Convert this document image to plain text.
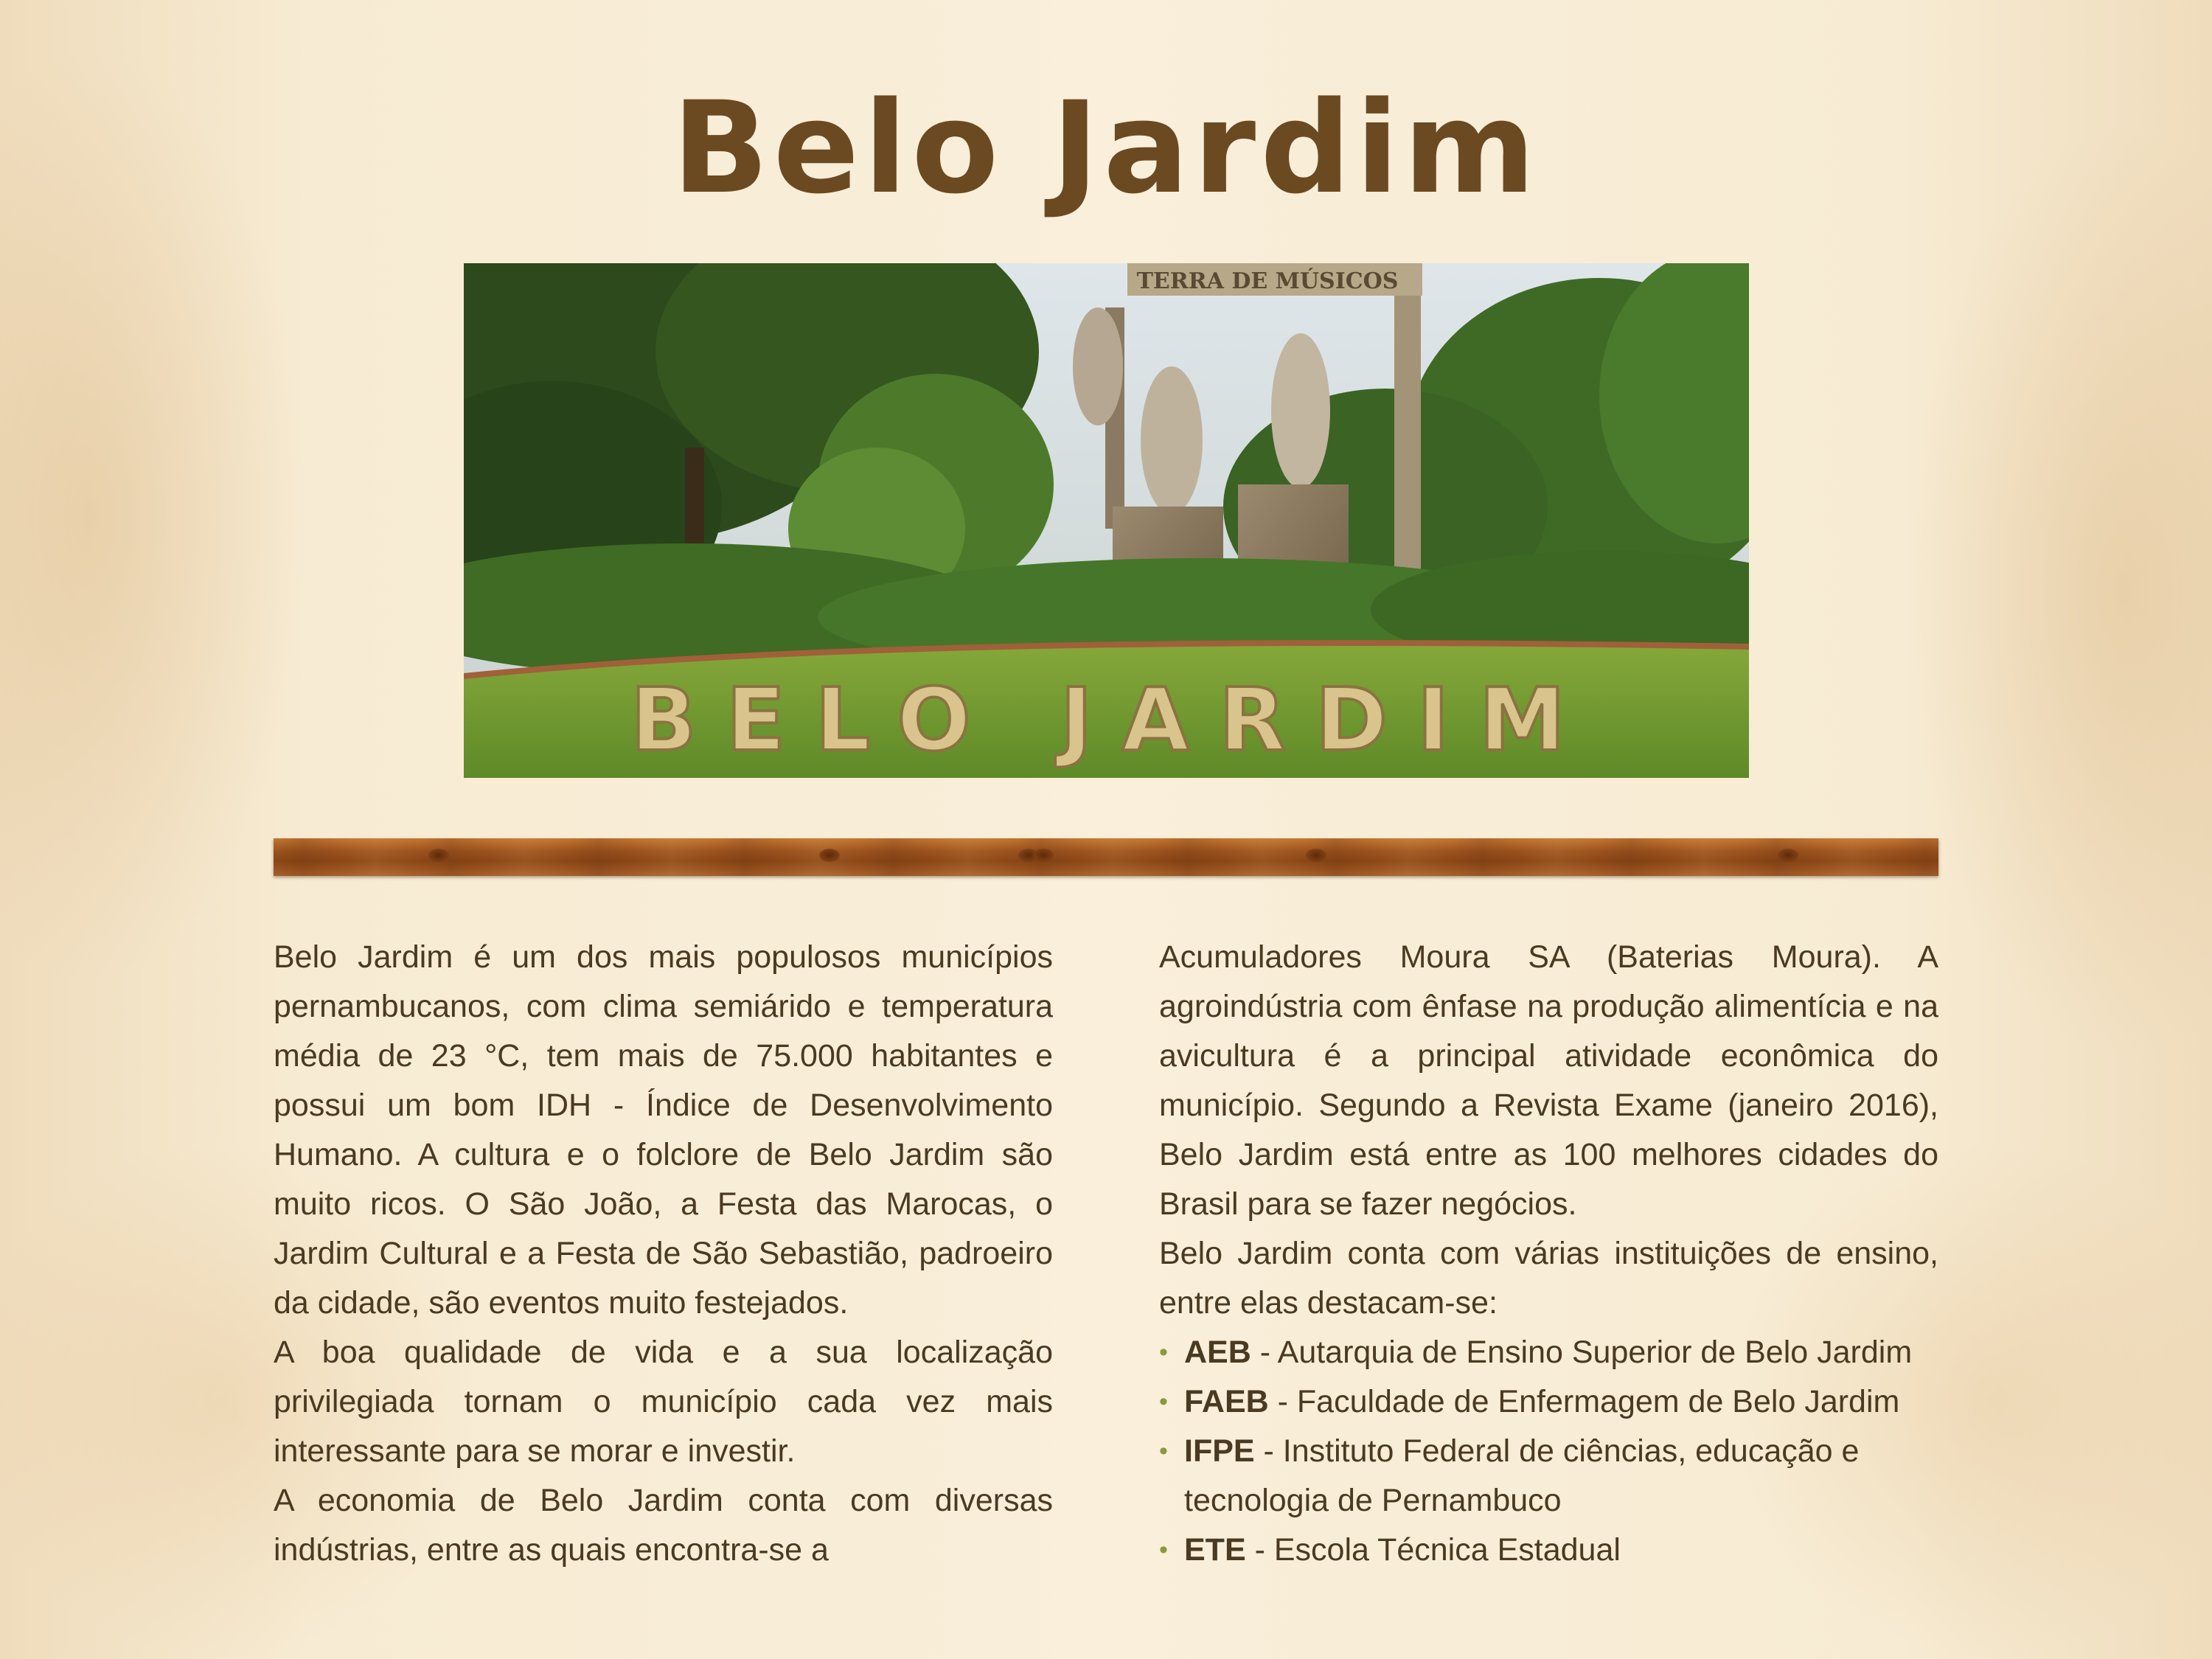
Belo Jardim
TERRA DE MÚSICOS
BELO JARDIM

Belo Jardim é um dos mais populosos municípios pernambucanos, com clima semiárido e temperatura média de 23 °C, tem mais de 75.000 habitantes e possui um bom IDH - Índice de Desenvolvimento Humano. A cultura e o folclore de Belo Jardim são muito ricos. O São João, a Festa das Marocas, o Jardim Cultural e a Festa de São Sebastião, padroeiro da cidade, são eventos muito festejados.

A boa qualidade de vida e a sua localização privilegiada tornam o município cada vez mais interessante para se morar e investir.

A economia de Belo Jardim conta com diversas indústrias, entre as quais encontra-se a

Acumuladores Moura SA (Baterias Moura). A agroindústria com ênfase na produção alimentícia e na avicultura é a principal atividade econômica do município. Segundo a Revista Exame (janeiro 2016), Belo Jardim está entre as 100 melhores cidades do Brasil para se fazer negócios.

Belo Jardim conta com várias instituições de ensino, entre elas destacam-se:

• AEB - Autarquia de Ensino Superior de Belo Jardim
• FAEB - Faculdade de Enfermagem de Belo Jardim
• IFPE - Instituto Federal de ciências, educação e tecnologia de Pernambuco
• ETE - Escola Técnica Estadual
